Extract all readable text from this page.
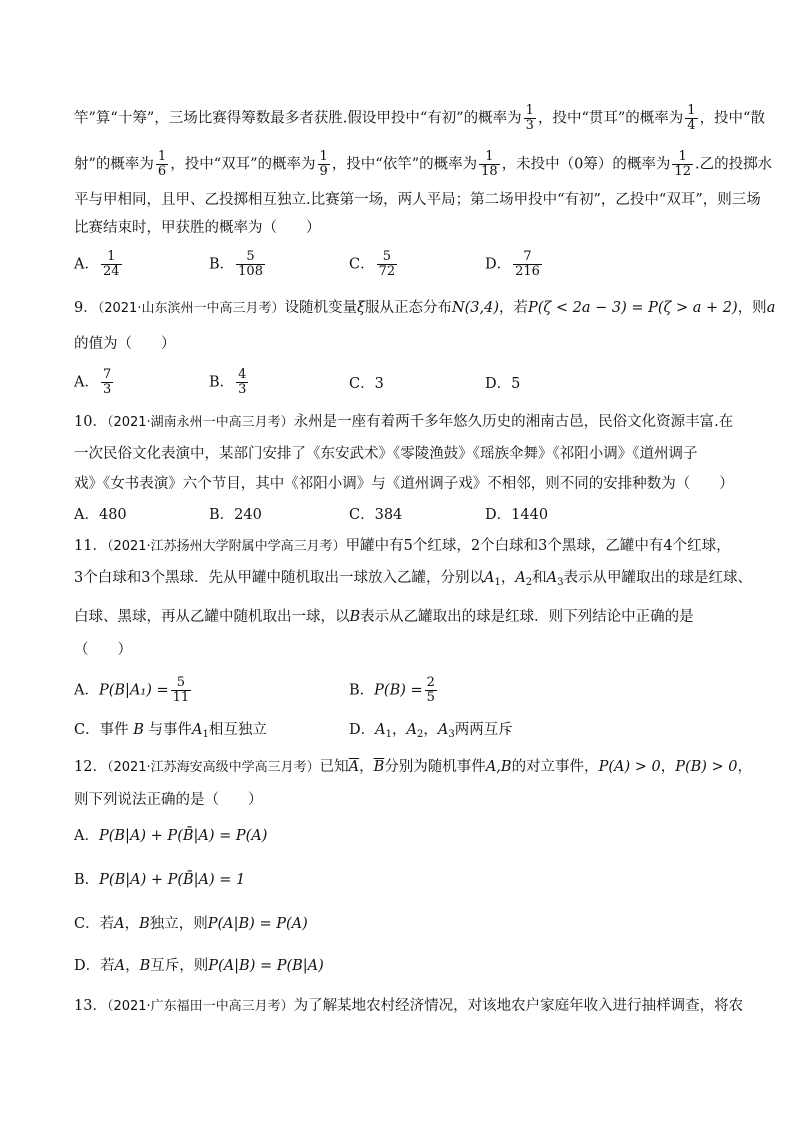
竿”算“十筹”，三场比赛得筹数最多者获胜.假设甲投中“有初”的概率为 $\frac{1}{3}$ ，投中“贯耳”的概率为 $\frac{1}{4}$ ，投中“散
射”的概率为 $\frac{1}{6}$ ，投中“双耳”的概率为 $\frac{1}{9}$ ，投中“依竿”的概率为 $\frac{1}{18}$ ，未投中（0筹）的概率为 $\frac{1}{12}$ .乙的投掷水
平与甲相同，且甲、乙投掷相互独立.比赛第一场，两人平局；第二场甲投中“有初”，乙投中“双耳”，则三场
比赛结束时，甲获胜的概率为（　　）
A． $\frac{1}{24}$	B． $\frac{5}{108}$	C． $\frac{5}{72}$	D． $\frac{7}{216}$
9．（2021·山东滨州一中高三月考）设随机变量ξ服从正态分布N(3,4)，若P(ζ < 2a − 3) = P(ζ > a + 2)，则a
的值为（　　）
A． $\frac{7}{3}$	B． $\frac{4}{3}$	C．3	D．5
10．（2021·湖南永州一中高三月考）永州是一座有着两千多年悠久历史的湘南古邑，民俗文化资源丰富.在
一次民俗文化表演中，某部门安排了《东安武术》《零陵渔鼓》《瑶族伞舞》《祁阳小调》《道州调子
戏》《女书表演》六个节目，其中《祁阳小调》与《道州调子戏》不相邻，则不同的安排种数为（　　）
A．480	B．240	C．384	D．1440
11．（2021·江苏扬州大学附属中学高三月考）甲罐中有5个红球，2个白球和3个黑球，乙罐中有4个红球，
3个白球和3个黑球．先从甲罐中随机取出一球放入乙罐，分别以$A_1$，$A_2$和$A_3$表示从甲罐取出的球是红球、
白球、黑球，再从乙罐中随机取出一球，以B表示从乙罐取出的球是红球．则下列结论中正确的是
（　　）
A．$P(B|A_1) = \frac{5}{11}$	B．$P(B) = \frac{2}{5}$
C．事件 B 与事件$A_1$相互独立	D．$A_1$，$A_2$，$A_3$两两互斥
12．（2021·江苏海安高级中学高三月考）已知$\overline{A}$，$\overline{B}$分别为随机事件A,B的对立事件，P(A) > 0，P(B) > 0，
则下列说法正确的是（　　）
A．P(B|A) + P(B̄|A) = P(A)
B．P(B|A) + P(B̄|A) = 1
C．若A，B独立，则P(A|B) = P(A)
D．若A，B互斥，则P(A|B) = P(B|A)
13．（2021·广东福田一中高三月考）为了解某地农村经济情况，对该地农户家庭年收入进行抽样调查，将农
